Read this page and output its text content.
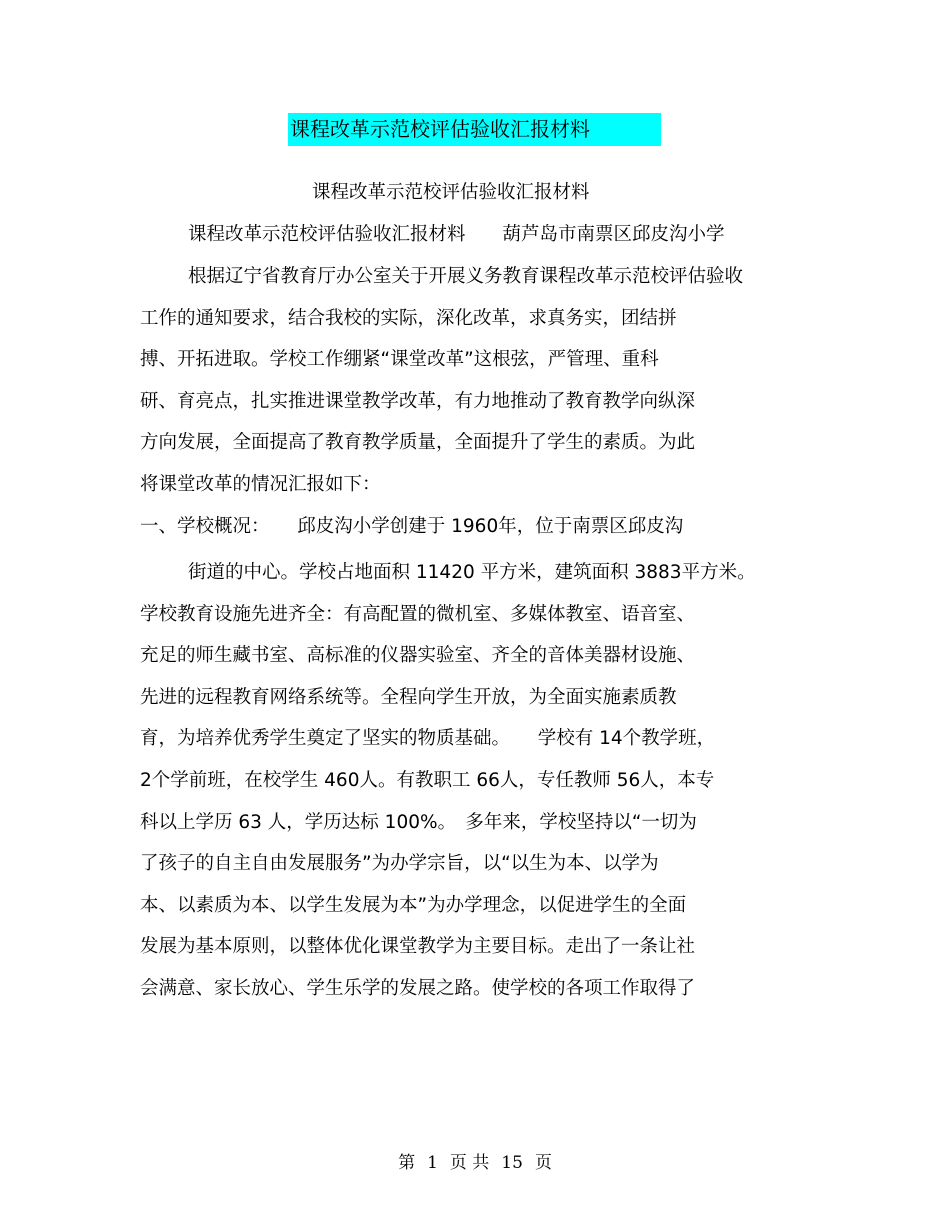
课程改革示范校评估验收汇报材料
课程改革示范校评估验收汇报材料
课程改革示范校评估验收汇报材料　　葫芦岛市南票区邱皮沟小学
根据辽宁省教育厅办公室关于开展义务教育课程改革示范校评估验收
工作的通知要求，结合我校的实际，深化改革，求真务实，团结拼
搏、开拓进取。学校工作绷紧“课堂改革”这根弦，严管理、重科
研、育亮点，扎实推进课堂教学改革，有力地推动了教育教学向纵深
方向发展，全面提高了教育教学质量，全面提升了学生的素质。为此
将课堂改革的情况汇报如下：
一、学校概况：　　邱皮沟小学创建于 1960年，位于南票区邱皮沟
街道的中心。学校占地面积 11420 平方米，建筑面积 3883平方米。
学校教育设施先进齐全：有高配置的微机室、多媒体教室、语音室、
充足的师生藏书室、高标准的仪器实验室、齐全的音体美器材设施、
先进的远程教育网络系统等。全程向学生开放，为全面实施素质教
育，为培养优秀学生奠定了坚实的物质基础。　　学校有 14个教学班，
2个学前班，在校学生 460人。有教职工 66人，专任教师 56人，本专
科以上学历 63 人，学历达标 100%。　多年来，学校坚持以“一切为
了孩子的自主自由发展服务”为办学宗旨，以“以生为本、以学为
本、以素质为本、以学生发展为本”为办学理念，以促进学生的全面
发展为基本原则，以整体优化课堂教学为主要目标。走出了一条让社
会满意、家长放心、学生乐学的发展之路。使学校的各项工作取得了
第 1 页 共 15 页
